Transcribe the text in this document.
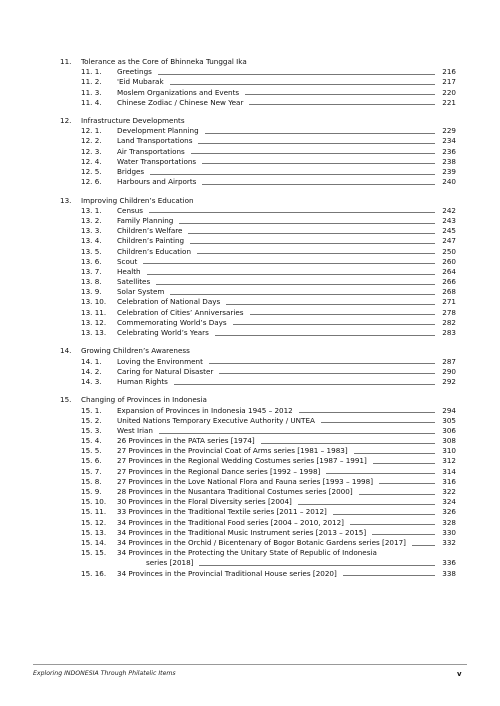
11.	Tolerance as the Core of Bhinneka Tunggal Ika
11. 1.	Greetings	216
11. 2.	'Eid Mubarak	217
11. 3.	Moslem Organizations and Events	220
11. 4.	Chinese Zodiac / Chinese New Year	221
12.	Infrastructure Developments
12. 1.	Development Planning	229
12. 2.	Land Transportations	234
12. 3.	Air Transportations	236
12. 4.	Water Transportations	238
12. 5.	Bridges	239
12. 6.	Harbours and Airports	240
13.	Improving Children’s Education
13. 1.	Census	242
13. 2.	Family Planning	243
13. 3.	Children’s Welfare	245
13. 4.	Children’s Painting	247
13. 5.	Children’s Education	250
13. 6.	Scout	260
13. 7.	Health	264
13. 8.	Satellites	266
13. 9.	Solar System	268
13. 10.	Celebration of National Days	271
13. 11.	Celebration of Cities’ Anniversaries	278
13. 12.	Commemorating World’s Days	282
13. 13.	Celebrating World’s Years	283
14.	Growing Children’s Awareness
14. 1.	Loving the Environment	287
14. 2.	Caring for Natural Disaster	290
14. 3.	Human Rights	292
15.	Changing of Provinces in Indonesia
15. 1.	Expansion of Provinces in Indonesia 1945 – 2012	294
15. 2.	United Nations Temporary Executive Authority / UNTEA	305
15. 3.	West Irian	306
15. 4.	26 Provinces in the PATA series [1974]	308
15. 5.	27 Provinces in the Provincial Coat of Arms series [1981 – 1983]	310
15. 6.	27 Provinces in the Regional Wedding Costumes series [1987 – 1991]	312
15. 7.	27 Provinces in the Regional Dance series [1992 – 1998]	314
15. 8.	27 Provinces in the Love National Flora and Fauna series [1993 – 1998]	316
15. 9.	28 Provinces in the Nusantara Traditional Costumes series [2000]	322
15. 10.	30 Provinces in the Floral Diversity series [2004]	324
15. 11.	33 Provinces in the Traditional Textile series [2011 – 2012]	326
15. 12.	34 Provinces in the Traditional Food series [2004 – 2010, 2012]	328
15. 13.	34 Provinces in the Traditional Music Instrument series [2013 – 2015]	330
15. 14.	34 Provinces in the Orchid / Bicentenary of Bogor Botanic Gardens series [2017]	332
15. 15.	34 Provinces in the Protecting the Unitary State of Republic of Indonesia
series [2018]	336
15. 16.	34 Provinces in the Provincial Traditional House series [2020]	338
Exploring INDONESIA Through Philatelic Items	v
